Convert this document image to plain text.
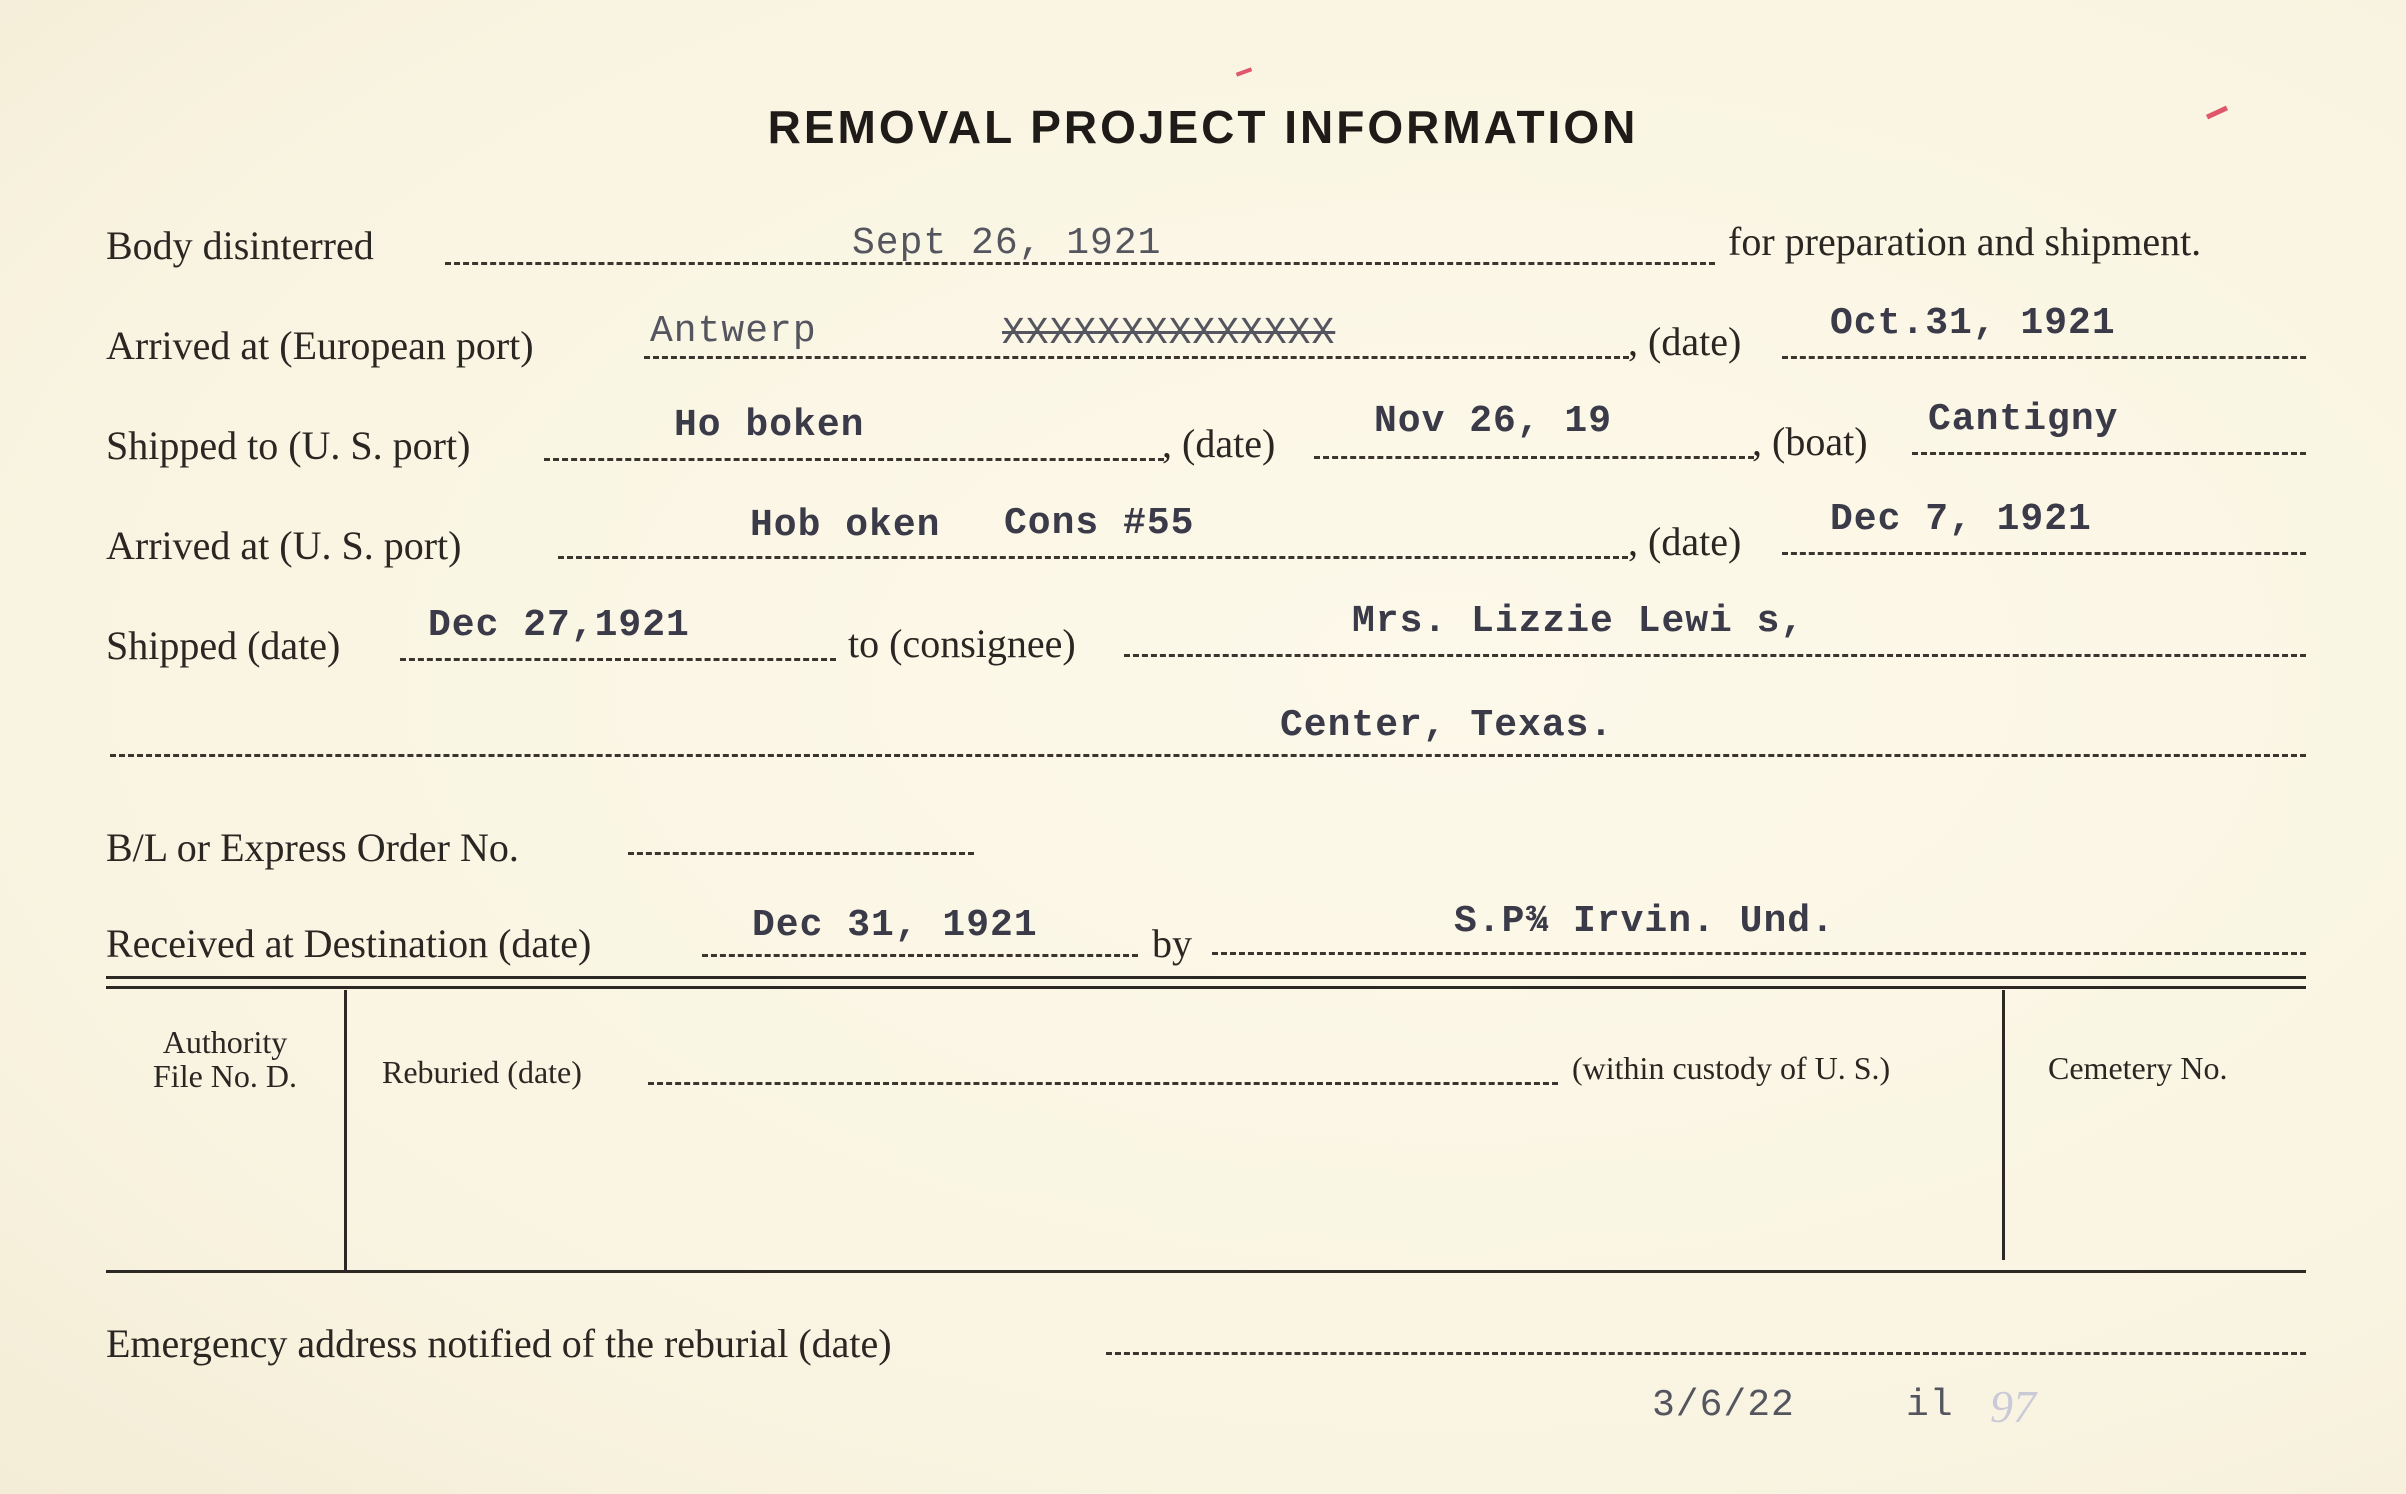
REMOVAL PROJECT INFORMATION
Body disinterred	Sept 26, 1921	for preparation and shipment.
Arrived at (European port)	Antwerp	XXXXXXXXXXXXXX	, (date) Oct.31, 1921
Shipped to (U. S. port)	Ho boken	, (date)	Nov 26, 19	, (boat) Cantigny
Arrived at (U. S. port)	Hob oken Cons #55	, (date) Dec 7, 1921
Shipped (date) Dec 27,1921	to (consignee)	Mrs. Lizzie Lewi s,
Center, Texas.
B/L or Express Order No.
Received at Destination (date)	Dec 31, 1921	by	S.P¾ Irvin. Und.
Authority
File No. D.	Reburied (date)	(within custody of U. S.)	Cemetery No.
Emergency address notified of the reburial (date)
3/6/22	il 97
